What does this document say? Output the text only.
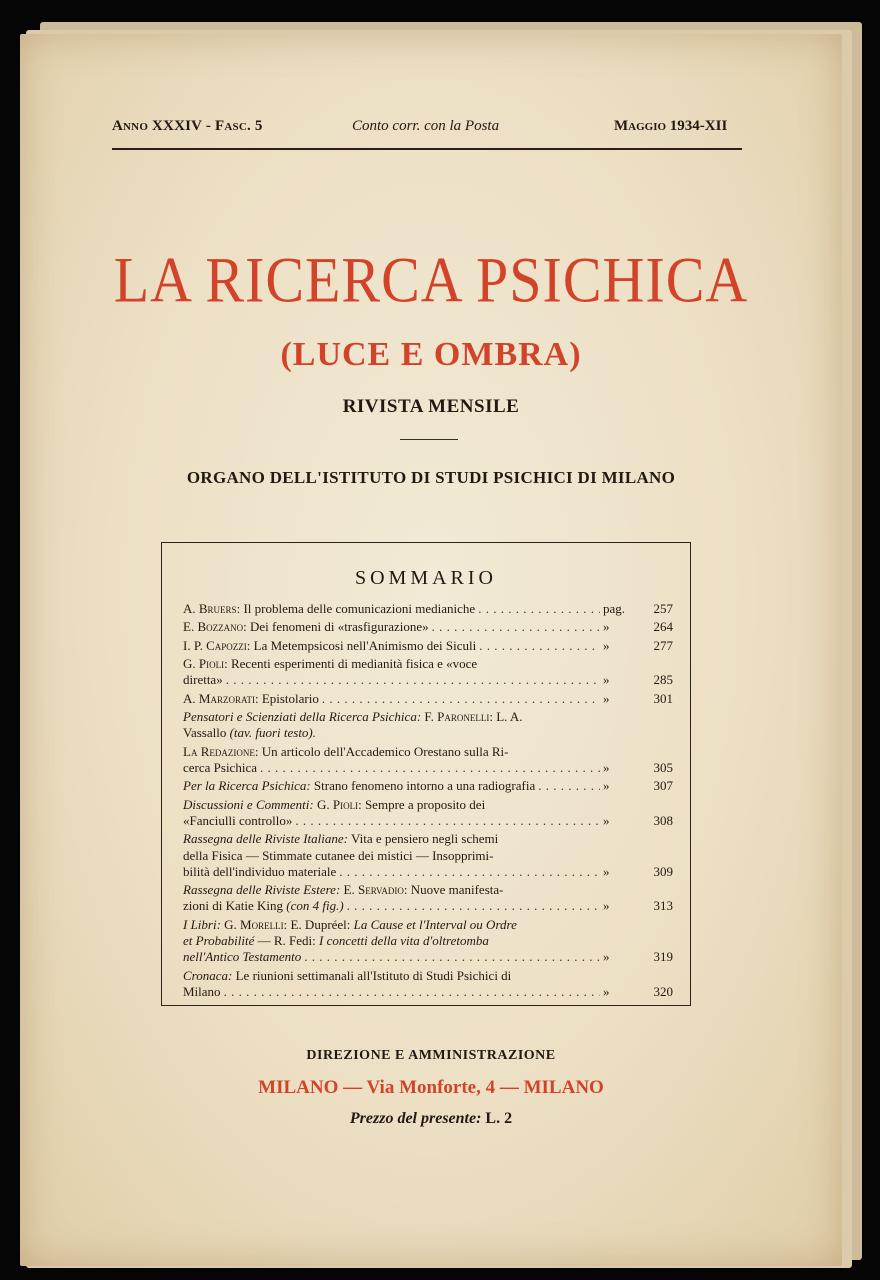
Anno XXXIV - Fasc. 5	Conto corr. con la Posta	Maggio 1934-XII
LA RICERCA PSICHICA
(LUCE E OMBRA)
RIVISTA MENSILE
ORGANO DELL'ISTITUTO DI STUDI PSICHICI DI MILANO
SOMMARIO
A. Bruers: Il problema delle comunicazioni medianiche . . .	pag.	257
E. Bozzano: Dei fenomeni di «trasfigurazione» . . .	»	264
I. P. Capozzi: La Metempsicosi nell'Animismo dei Siculi . . .	»	277
G. Pioli: Recenti esperimenti di medianità fisica e «voce
diretta» . . .	»	285
A. Marzorati: Epistolario . . .	»	301
Pensatori e Scienziati della Ricerca Psichica: F. Paronelli: L. A.
Vassallo (tav. fuori testo).
La Redazione: Un articolo dell'Accademico Orestano sulla Ri-
cerca Psichica . . .	»	305
Per la Ricerca Psichica: Strano fenomeno intorno a una radiografia . . .	»	307
Discussioni e Commenti: G. Pioli: Sempre a proposito dei
«Fanciulli controllo» . . .	»	308
Rassegna delle Riviste Italiane: Vita e pensiero negli schemi
della Fisica — Stimmate cutanee dei mistici — Insopprimi-
bilità dell'individuo materiale . . .	»	309
Rassegna delle Riviste Estere: E. Servadio: Nuove manifesta-
zioni di Katie King (con 4 fig.) . . .	»	313
I Libri: G. Morelli: E. Dupréel: La Cause et l'Interval ou Ordre
et Probabilité — R. Fedi: I concetti della vita d'oltretomba
nell'Antico Testamento . . .	»	319
Cronaca: Le riunioni settimanali all'Istituto di Studi Psichici di
Milano . . .	»	320
DIREZIONE E AMMINISTRAZIONE
MILANO — Via Monforte, 4 — MILANO
Prezzo del presente: L. 2
